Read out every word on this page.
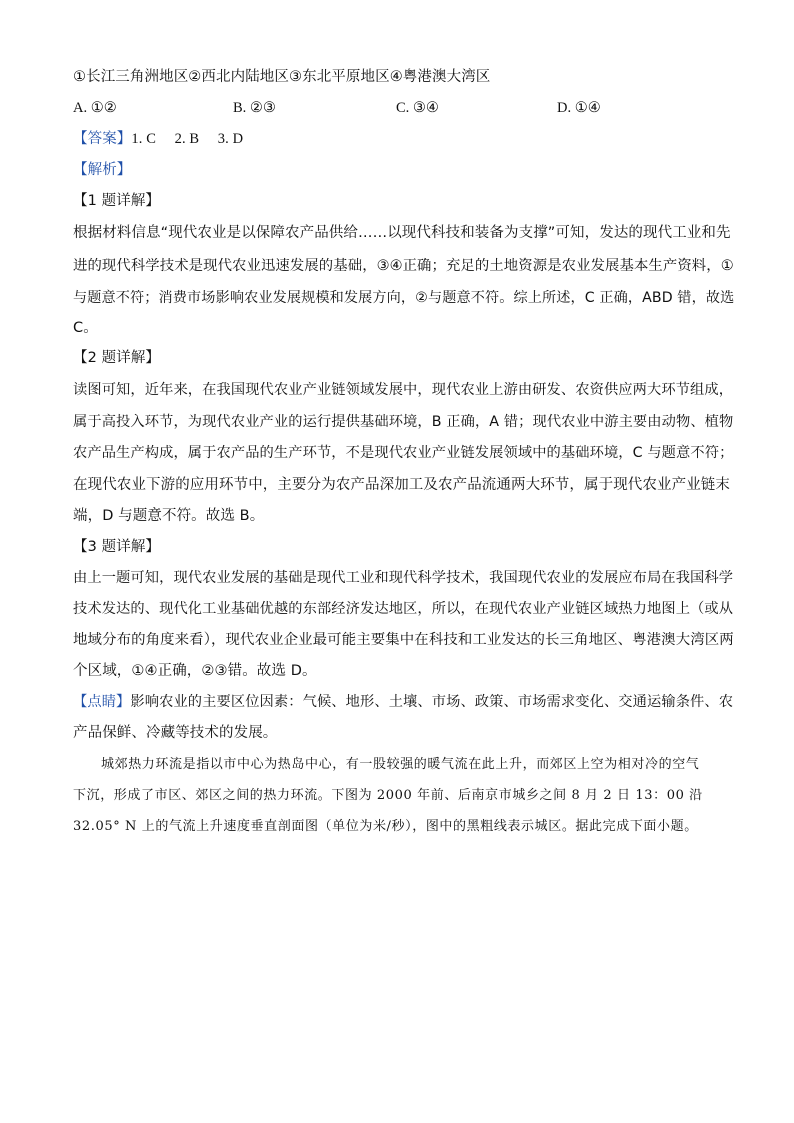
①长江三角洲地区②西北内陆地区③东北平原地区④粤港澳大湾区
A. ①②	B. ②③	C. ③④	D. ①④
【答案】1. C     2. B     3. D
【解析】
【1 题详解】
根据材料信息“现代农业是以保障农产品供给……以现代科技和装备为支撑”可知，发达的现代工业和先
进的现代科学技术是现代农业迅速发展的基础，③④正确；充足的土地资源是农业发展基本生产资料，①
与题意不符；消费市场影响农业发展规模和发展方向，②与题意不符。综上所述，C 正确，ABD 错，故选
C。
【2 题详解】
读图可知，近年来，在我国现代农业产业链领域发展中，现代农业上游由研发、农资供应两大环节组成，
属于高投入环节，为现代农业产业的运行提供基础环境，B 正确，A 错；现代农业中游主要由动物、植物
农产品生产构成，属于农产品的生产环节，不是现代农业产业链发展领域中的基础环境，C 与题意不符；
在现代农业下游的应用环节中，主要分为农产品深加工及农产品流通两大环节，属于现代农业产业链末
端，D 与题意不符。故选 B。
【3 题详解】
由上一题可知，现代农业发展的基础是现代工业和现代科学技术，我国现代农业的发展应布局在我国科学
技术发达的、现代化工业基础优越的东部经济发达地区，所以，在现代农业产业链区域热力地图上（或从
地域分布的角度来看），现代农业企业最可能主要集中在科技和工业发达的长三角地区、粤港澳大湾区两
个区域，①④正确，②③错。故选 D。
【点睛】影响农业的主要区位因素：气候、地形、土壤、市场、政策、市场需求变化、交通运输条件、农
产品保鲜、冷藏等技术的发展。
城郊热力环流是指以市中心为热岛中心，有一股较强的暖气流在此上升，而郊区上空为相对冷的空气
下沉，形成了市区、郊区之间的热力环流。下图为 2000 年前、后南京市城乡之间 8 月 2 日 13：00 沿
32.05° N 上的气流上升速度垂直剖面图（单位为米/秒），图中的黑粗线表示城区。据此完成下面小题。
